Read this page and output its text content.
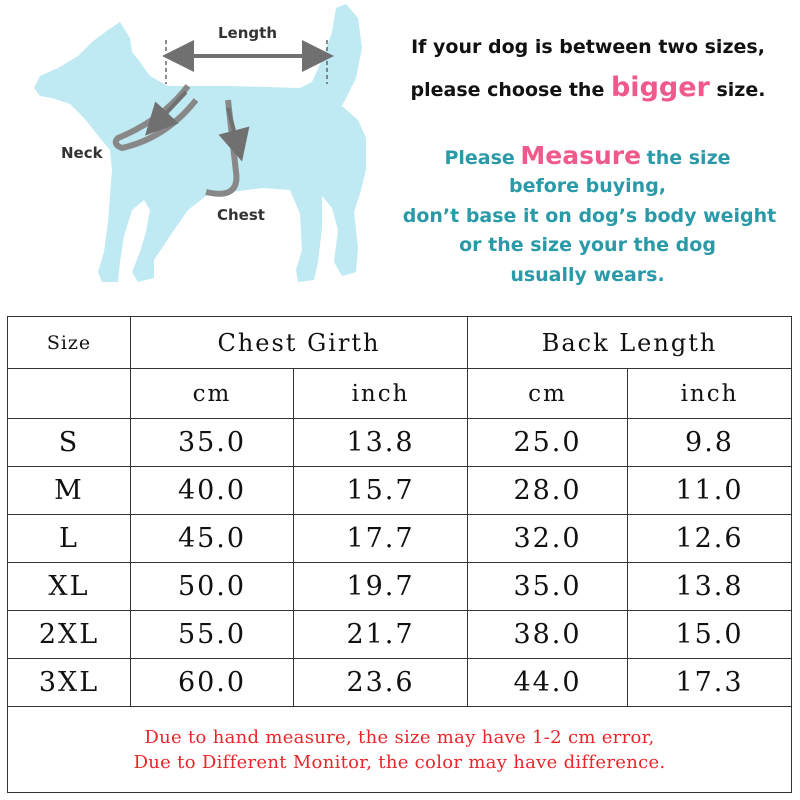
Length
Neck
Chest
If your dog is between two sizes,
please choose the bigger size.
Please Measure the size
before buying,
don’t base it on dog’s body weight
or the size your the dog
usually wears.
Size	Chest Girth		Back Length	
	cm	inch	cm	inch
S	35.0	13.8	25.0	9.8
M	40.0	15.7	28.0	11.0
L	45.0	17.7	32.0	12.6
XL	50.0	19.7	35.0	13.8
2XL	55.0	21.7	38.0	15.0
3XL	60.0	23.6	44.0	17.3

Due to hand measure, the size may have 1-2 cm error,
Due to Different Monitor, the color may have difference.				
